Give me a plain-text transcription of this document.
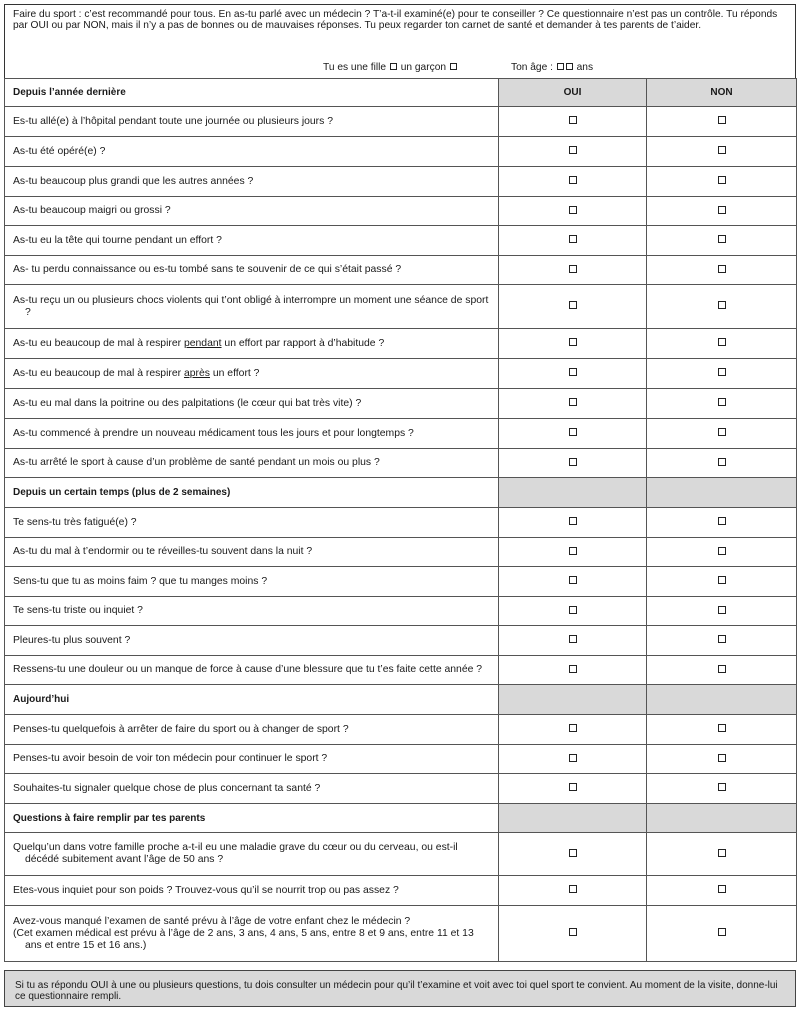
Faire du sport : c’est recommandé pour tous. En as-tu parlé avec un médecin ? T’a-t-il examiné(e) pour te conseiller ? Ce questionnaire n’est pas un contrôle. Tu réponds par OUI ou par NON, mais il n’y a pas de bonnes ou de mauvaises réponses. Tu peux regarder ton carnet de santé et demander à tes parents de t’aider.

Tu es une fille un garçon	Ton âge : ans
Depuis l’année dernière	OUI	NON

Es-tu allé(e) à l’hôpital pendant toute une journée ou plusieurs jours ?		

As-tu été opéré(e) ?		

As-tu beaucoup plus grandi que les autres années ?		

As-tu beaucoup maigri ou grossi ?		

As-tu eu la tête qui tourne pendant un effort ?		

As- tu perdu connaissance ou es-tu tombé sans te souvenir de ce qui s’était passé ?		

As-tu reçu un ou plusieurs chocs violents qui t’ont obligé à interrompre un moment une séance de sport ?		

As-tu eu beaucoup de mal à respirer pendant un effort par rapport à d’habitude ?		

As-tu eu beaucoup de mal à respirer après un effort ?		

As-tu eu mal dans la poitrine ou des palpitations (le cœur qui bat très vite) ?		

As-tu commencé à prendre un nouveau médicament tous les jours et pour longtemps ?		

As-tu arrêté le sport à cause d’un problème de santé pendant un mois ou plus ?		

Depuis un certain temps (plus de 2 semaines)		

Te sens-tu très fatigué(e) ?		

As-tu du mal à t’endormir ou te réveilles-tu souvent dans la nuit ?		

Sens-tu que tu as moins faim ? que tu manges moins ?		

Te sens-tu triste ou inquiet ?		

Pleures-tu plus souvent ?		

Ressens-tu une douleur ou un manque de force à cause d’une blessure que tu t’es faite cette année ?		

Aujourd’hui		

Penses-tu quelquefois à arrêter de faire du sport ou à changer de sport ?		

Penses-tu avoir besoin de voir ton médecin pour continuer le sport ?		

Souhaites-tu signaler quelque chose de plus concernant ta santé ?		

Questions à faire remplir par tes parents		

Quelqu’un dans votre famille proche a-t-il eu une maladie grave du cœur ou du cerveau, ou est-il décédé subitement avant l’âge de 50 ans ?		

Etes-vous inquiet pour son poids ? Trouvez-vous qu’il se nourrit trop ou pas assez ?		

Avez-vous manqué l’examen de santé prévu à l’âge de votre enfant chez le médecin ?
(Cet examen médical est prévu à l’âge de 2 ans, 3 ans, 4 ans, 5 ans, entre 8 et 9 ans, entre 11 et 13 ans et entre 15 et 16 ans.)		

Si tu as répondu OUI à une ou plusieurs questions, tu dois consulter un médecin pour qu’il t’examine et voit avec toi quel sport te convient. Au moment de la visite, donne-lui ce questionnaire rempli.
